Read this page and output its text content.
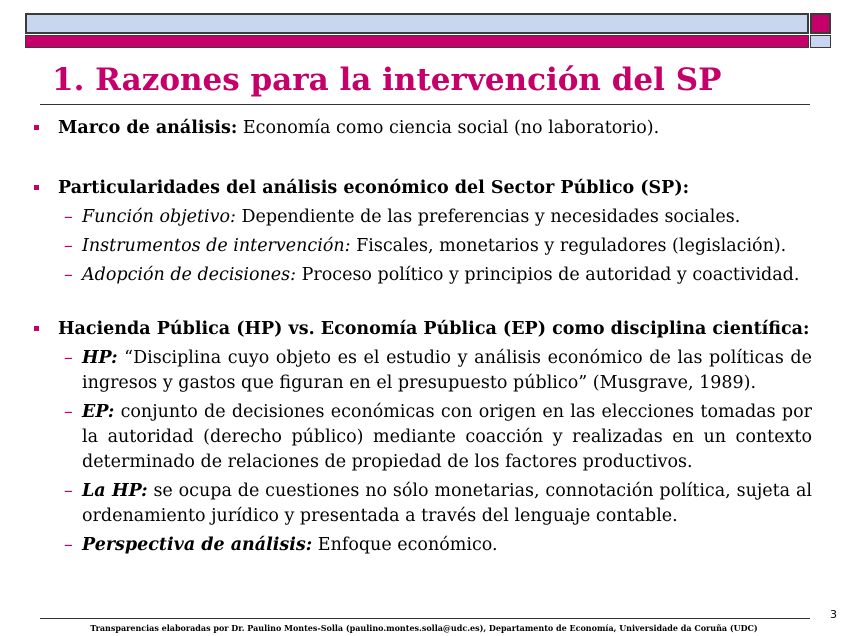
1. Razones para la intervención del SP
Marco de análisis: Economía como ciencia social (no laboratorio).
Particularidades del análisis económico del Sector Público (SP):
– Función objetivo: Dependiente de las preferencias y necesidades sociales.
– Instrumentos de intervención: Fiscales, monetarios y reguladores (legislación).
– Adopción de decisiones: Proceso político y principios de autoridad y coactividad.
Hacienda Pública (HP) vs. Economía Pública (EP) como disciplina científica:
– HP: “Disciplina cuyo objeto es el estudio y análisis económico de las políticas de ingresos y gastos que figuran en el presupuesto público” (Musgrave, 1989).
– EP: conjunto de decisiones económicas con origen en las elecciones tomadas por la autoridad (derecho público) mediante coacción y realizadas en un contexto determinado de relaciones de propiedad de los factores productivos.
– La HP: se ocupa de cuestiones no sólo monetarias, connotación política, sujeta al ordenamiento jurídico y presentada a través del lenguaje contable.
– Perspectiva de análisis: Enfoque económico.
Transparencias elaboradas por Dr. Paulino Montes-Solla (paulino.montes.solla@udc.es), Departamento de Economía, Universidade da Coruña (UDC)
3
